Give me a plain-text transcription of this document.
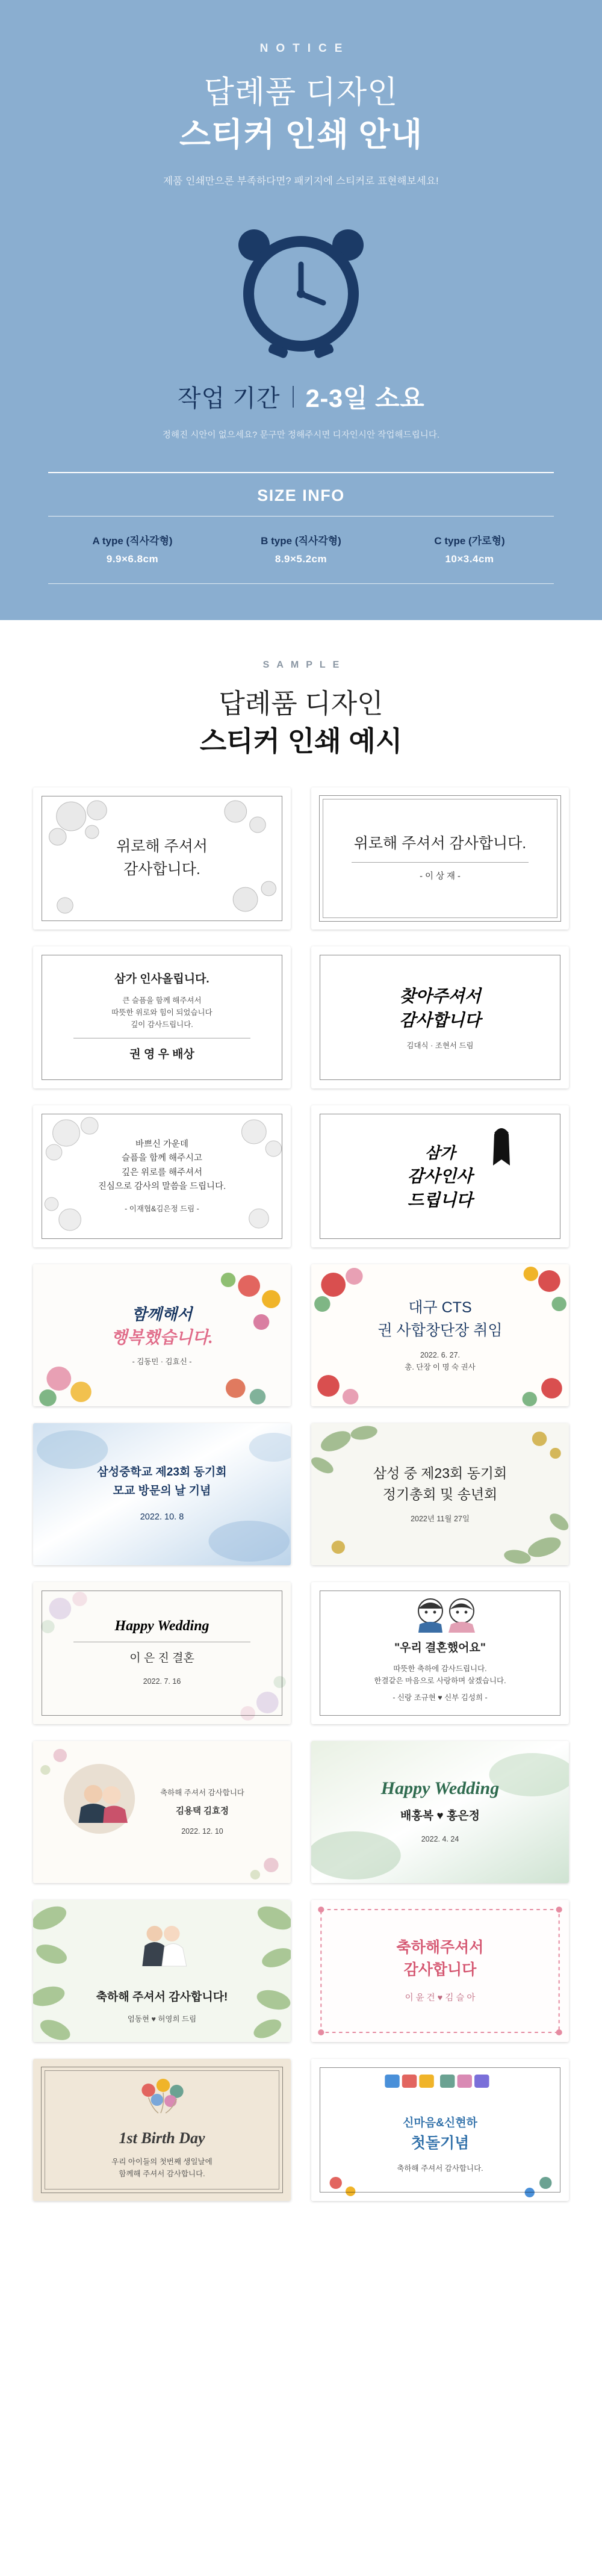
NOTICE
답례품 디자인
스티커 인쇄 안내
제품 인쇄만으론 부족하다면? 패키지에 스티커로 표현해보세요!
작업 기간 2-3일 소요
정해진 시안이 없으세요? 문구만 정해주시면 디자인시안 작업해드립니다.
SIZE INFO
A type (직사각형)
9.9×6.8cm
B type (직사각형)
8.9×5.2cm
C type (가로형)
10×3.4cm
SAMPLE
답례품 디자인
스티커 인쇄 예시
위로해 주셔서
감사합니다.
위로해 주셔서 감사합니다.
- 이 상 재 -
삼가 인사올립니다.
큰 슬픔을 함께 해주셔서
따뜻한 위로와 힘이 되었습니다
깊이 감사드립니다.
권 영 우 배상
찾아주셔서
감사합니다
김대식 · 조현서 드림
바쁘신 가운데
슬픔을 함께 해주시고
깊은 위로를 해주셔서
진심으로 감사의 말씀을 드립니다.
- 이재협&김은정 드림 -
삼가
감사인사
드립니다
함께해서
행복했습니다.
- 김동민 · 김효신 -
대구 CTS
권 사합창단장 취임
2022. 6. 27.
총. 단장 이 명 숙 권사
삼성중학교 제23회 동기회
모교 방문의 날 기념
2022. 10. 8
삼성 중 제23회 동기회
정기총회 및 송년회
2022년 11월 27일
Happy Wedding
이 은 진 결혼
2022. 7. 16
"우리 결혼했어요"
따뜻한 축하에 감사드립니다.
한결같은 마음으로 사랑하며 살겠습니다.
- 신랑 조규현 ♥ 신부 김성희 -
축하해 주셔서 감사합니다
김용택 김효정
2022. 12. 10
Happy Wedding
배홍복 ♥ 홍은정
2022. 4. 24
축하해 주셔서 감사합니다!
엄동현 ♥ 허영희 드림
축하해주셔서
감사합니다
이 윤 건 ♥ 김 슬 아
1st Birth Day
우리 아이들의 첫번째 생일날에
함께해 주셔서 감사합니다.
신마음&신현하
첫돌기념
축하해 주셔서 감사합니다.
